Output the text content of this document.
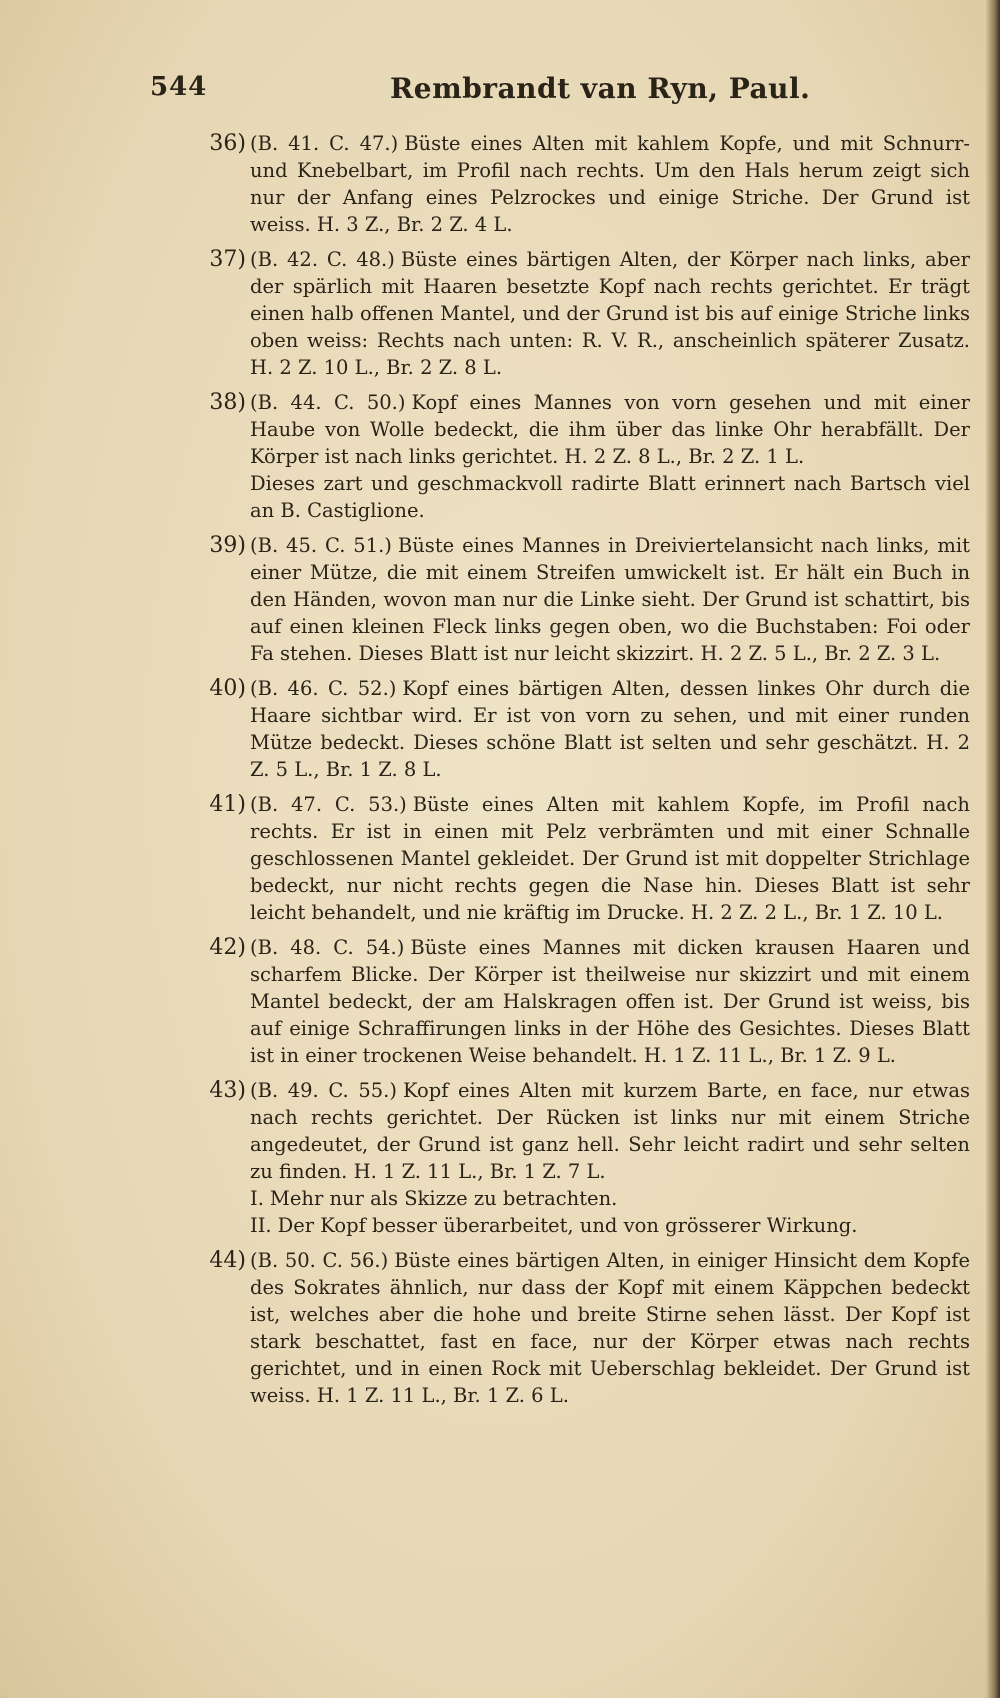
544	Rembrandt van Ryn, Paul.
36) (B. 41. C. 47.) Büste eines Alten mit kahlem Kopfe, und mit Schnurr- und Knebelbart, im Profil nach rechts. Um den Hals herum zeigt sich nur der Anfang eines Pelzrockes und einige Striche. Der Grund ist weiss. H. 3 Z., Br. 2 Z. 4 L.
37) (B. 42. C. 48.) Büste eines bärtigen Alten, der Körper nach links, aber der spärlich mit Haaren besetzte Kopf nach rechts gerichtet. Er trägt einen halb offenen Mantel, und der Grund ist bis auf einige Striche links oben weiss: Rechts nach unten: R. V. R., anscheinlich späterer Zusatz. H. 2 Z. 10 L., Br. 2 Z. 8 L.
38) (B. 44. C. 50.) Kopf eines Mannes von vorn gesehen und mit einer Haube von Wolle bedeckt, die ihm über das linke Ohr herabfällt. Der Körper ist nach links gerichtet. H. 2 Z. 8 L., Br. 2 Z. 1 L.
Dieses zart und geschmackvoll radirte Blatt erinnert nach Bartsch viel an B. Castiglione.
39) (B. 45. C. 51.) Büste eines Mannes in Dreiviertelansicht nach links, mit einer Mütze, die mit einem Streifen umwickelt ist. Er hält ein Buch in den Händen, wovon man nur die Linke sieht. Der Grund ist schattirt, bis auf einen kleinen Fleck links gegen oben, wo die Buchstaben: Foi oder Fa stehen. Dieses Blatt ist nur leicht skizzirt. H. 2 Z. 5 L., Br. 2 Z. 3 L.
40) (B. 46. C. 52.) Kopf eines bärtigen Alten, dessen linkes Ohr durch die Haare sichtbar wird. Er ist von vorn zu sehen, und mit einer runden Mütze bedeckt. Dieses schöne Blatt ist selten und sehr geschätzt. H. 2 Z. 5 L., Br. 1 Z. 8 L.
41) (B. 47. C. 53.) Büste eines Alten mit kahlem Kopfe, im Profil nach rechts. Er ist in einen mit Pelz verbrämten und mit einer Schnalle geschlossenen Mantel gekleidet. Der Grund ist mit doppelter Strichlage bedeckt, nur nicht rechts gegen die Nase hin. Dieses Blatt ist sehr leicht behandelt, und nie kräftig im Drucke. H. 2 Z. 2 L., Br. 1 Z. 10 L.
42) (B. 48. C. 54.) Büste eines Mannes mit dicken krausen Haaren und scharfem Blicke. Der Körper ist theilweise nur skizzirt und mit einem Mantel bedeckt, der am Halskragen offen ist. Der Grund ist weiss, bis auf einige Schraffirungen links in der Höhe des Gesichtes. Dieses Blatt ist in einer trockenen Weise behandelt. H. 1 Z. 11 L., Br. 1 Z. 9 L.
43) (B. 49. C. 55.) Kopf eines Alten mit kurzem Barte, en face, nur etwas nach rechts gerichtet. Der Rücken ist links nur mit einem Striche angedeutet, der Grund ist ganz hell. Sehr leicht radirt und sehr selten zu finden. H. 1 Z. 11 L., Br. 1 Z. 7 L.
I. Mehr nur als Skizze zu betrachten.
II. Der Kopf besser überarbeitet, und von grösserer Wirkung.
44) (B. 50. C. 56.) Büste eines bärtigen Alten, in einiger Hinsicht dem Kopfe des Sokrates ähnlich, nur dass der Kopf mit einem Käppchen bedeckt ist, welches aber die hohe und breite Stirne sehen lässt. Der Kopf ist stark beschattet, fast en face, nur der Körper etwas nach rechts gerichtet, und in einen Rock mit Ueberschlag bekleidet. Der Grund ist weiss. H. 1 Z. 11 L., Br. 1 Z. 6 L.
